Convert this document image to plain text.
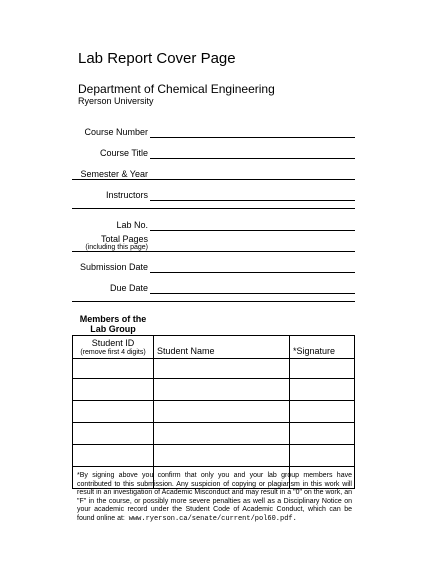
Lab Report Cover Page
Department of Chemical Engineering
Ryerson University
Course Number
Course Title
Semester & Year
Instructors
Lab No.
Total Pages
(including this page)
Submission Date
Due Date
Members of the
Lab Group
Student ID
(remove first 4 digits)	Student Name	*Signature

*By signing above you confirm that only you and your lab group members have contributed to this submission. Any suspicion of copying or plagiarism in this work will result in an investigation of Academic Misconduct and may result in a "0" on the work, an "F" in the course, or possibly more severe penalties as well as a Disciplinary Notice on your academic record under the Student Code of Academic Conduct, which can be found online at: www.ryerson.ca/senate/current/pol60.pdf.
